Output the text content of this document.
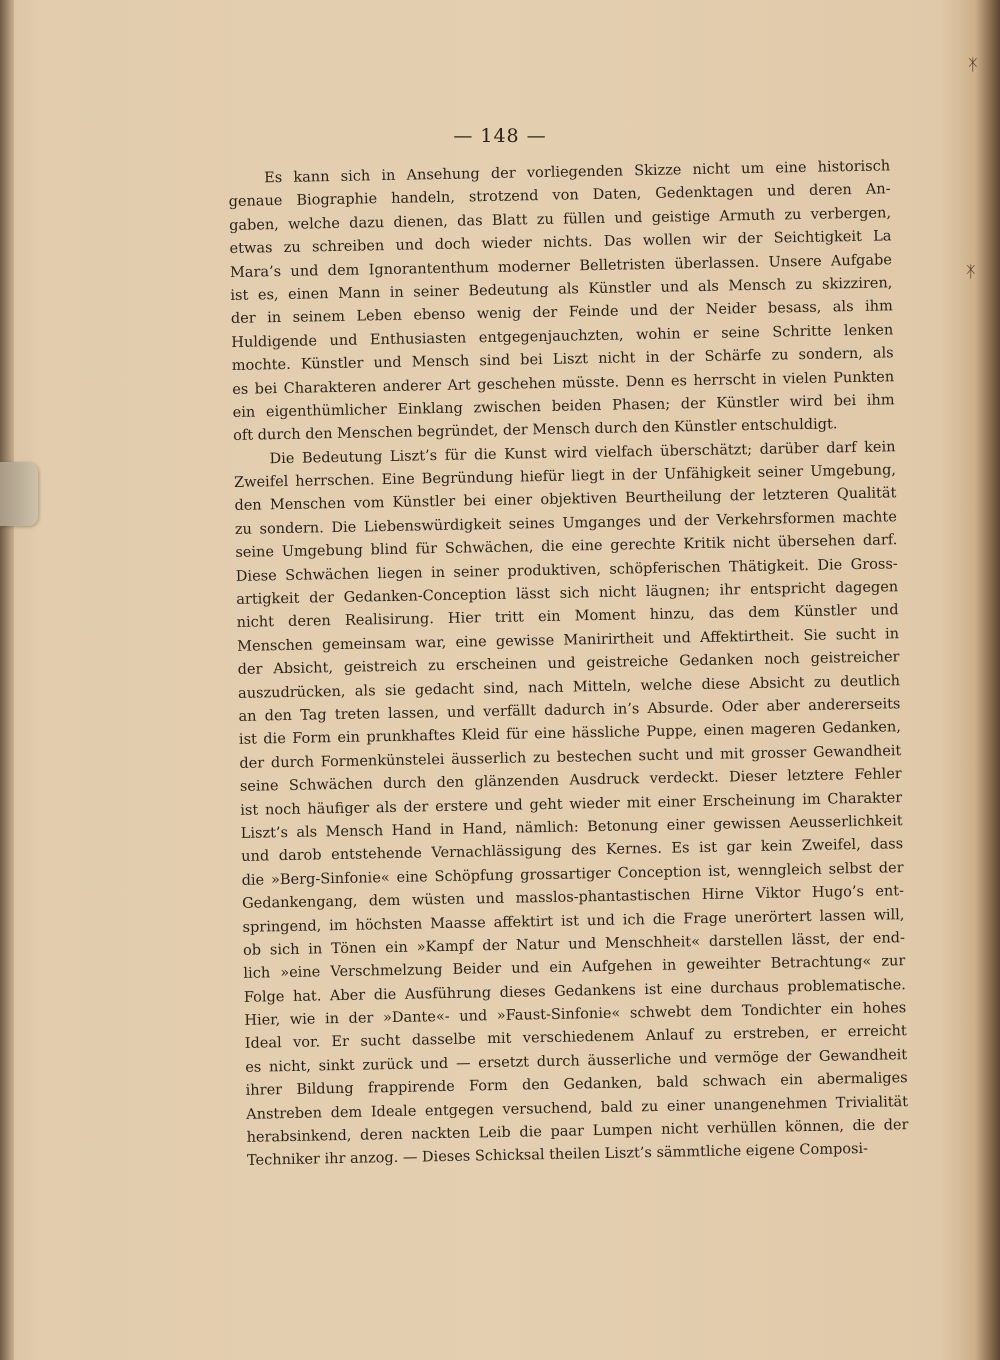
ᛡ
ᛡ
— 148 —
Es kann sich in Ansehung der vorliegenden Skizze nicht um eine historisch
genaue Biographie handeln, strotzend von Daten, Gedenktagen und deren An-
gaben, welche dazu dienen, das Blatt zu füllen und geistige Armuth zu verbergen,
etwas zu schreiben und doch wieder nichts. Das wollen wir der Seichtigkeit La
Mara’s und dem Ignorantenthum moderner Belletristen überlassen. Unsere Aufgabe
ist es, einen Mann in seiner Bedeutung als Künstler und als Mensch zu skizziren,
der in seinem Leben ebenso wenig der Feinde und der Neider besass, als ihm
Huldigende und Enthusiasten entgegenjauchzten, wohin er seine Schritte lenken
mochte. Künstler und Mensch sind bei Liszt nicht in der Schärfe zu sondern, als
es bei Charakteren anderer Art geschehen müsste. Denn es herrscht in vielen Punkten
ein eigenthümlicher Einklang zwischen beiden Phasen; der Künstler wird bei ihm
oft durch den Menschen begründet, der Mensch durch den Künstler entschuldigt.
Die Bedeutung Liszt’s für die Kunst wird vielfach überschätzt; darüber darf kein
Zweifel herrschen. Eine Begründung hiefür liegt in der Unfähigkeit seiner Umgebung,
den Menschen vom Künstler bei einer objektiven Beurtheilung der letzteren Qualität
zu sondern. Die Liebenswürdigkeit seines Umganges und der Verkehrsformen machte
seine Umgebung blind für Schwächen, die eine gerechte Kritik nicht übersehen darf.
Diese Schwächen liegen in seiner produktiven, schöpferischen Thätigkeit. Die Gross-
artigkeit der Gedanken-Conception lässt sich nicht läugnen; ihr entspricht dagegen
nicht deren Realisirung. Hier tritt ein Moment hinzu, das dem Künstler und
Menschen gemeinsam war, eine gewisse Manirirtheit und Affektirtheit. Sie sucht in
der Absicht, geistreich zu erscheinen und geistreiche Gedanken noch geistreicher
auszudrücken, als sie gedacht sind, nach Mitteln, welche diese Absicht zu deutlich
an den Tag treten lassen, und verfällt dadurch in’s Absurde. Oder aber andererseits
ist die Form ein prunkhaftes Kleid für eine hässliche Puppe, einen mageren Gedanken,
der durch Formenkünstelei äusserlich zu bestechen sucht und mit grosser Gewandheit
seine Schwächen durch den glänzenden Ausdruck verdeckt. Dieser letztere Fehler
ist noch häufiger als der erstere und geht wieder mit einer Erscheinung im Charakter
Liszt’s als Mensch Hand in Hand, nämlich: Betonung einer gewissen Aeusserlichkeit
und darob entstehende Vernachlässigung des Kernes. Es ist gar kein Zweifel, dass
die »Berg-Sinfonie« eine Schöpfung grossartiger Conception ist, wenngleich selbst der
Gedankengang, dem wüsten und masslos-phantastischen Hirne Viktor Hugo’s ent-
springend, im höchsten Maasse affektirt ist und ich die Frage unerörtert lassen will,
ob sich in Tönen ein »Kampf der Natur und Menschheit« darstellen lässt, der end-
lich »eine Verschmelzung Beider und ein Aufgehen in geweihter Betrachtung« zur
Folge hat. Aber die Ausführung dieses Gedankens ist eine durchaus problematische.
Hier, wie in der »Dante«- und »Faust-Sinfonie« schwebt dem Tondichter ein hohes
Ideal vor. Er sucht dasselbe mit verschiedenem Anlauf zu erstreben, er erreicht
es nicht, sinkt zurück und — ersetzt durch äusserliche und vermöge der Gewandheit
ihrer Bildung frappirende Form den Gedanken, bald schwach ein abermaliges
Anstreben dem Ideale entgegen versuchend, bald zu einer unangenehmen Trivialität
herabsinkend, deren nackten Leib die paar Lumpen nicht verhüllen können, die der
Techniker ihr anzog. — Dieses Schicksal theilen Liszt’s sämmtliche eigene Composi-
